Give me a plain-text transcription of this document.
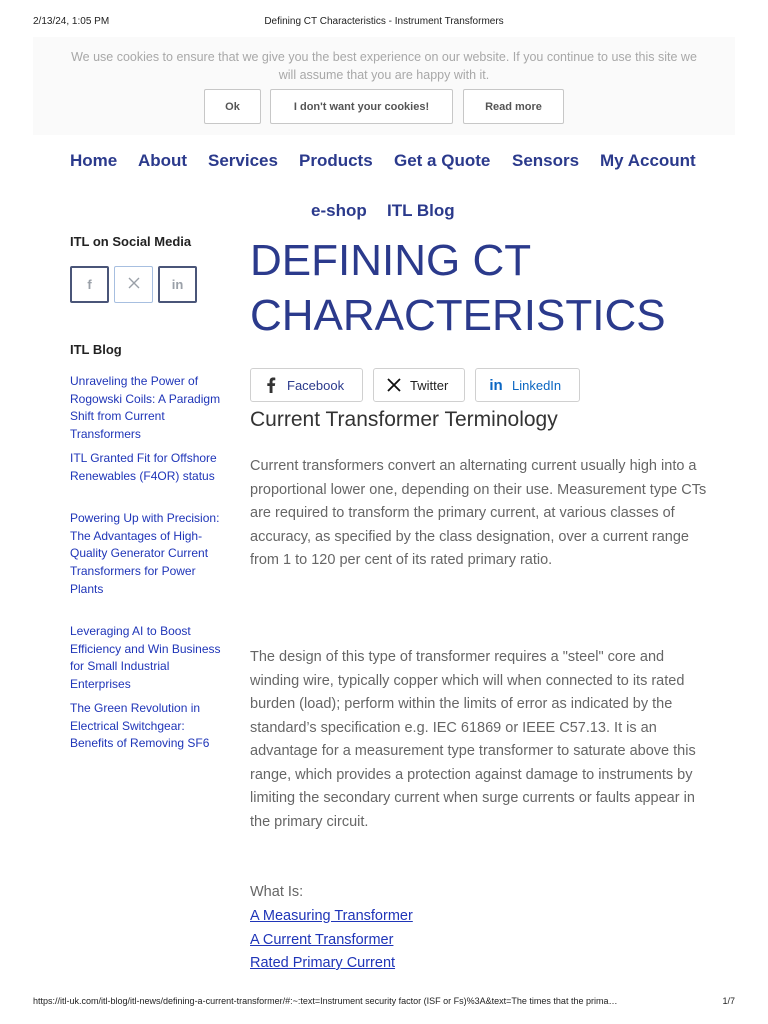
2/13/24, 1:05 PM	Defining CT Characteristics - Instrument Transformers
We use cookies to ensure that we give you the best experience on our website. If you continue to use this site we will assume that you are happy with it.
Ok	I don't want your cookies!	Read more
Home About Services Products Get a Quote Sensors My Account
e-shop ITL Blog
ITL on Social Media
f	in
ITL Blog
Unraveling the Power of Rogowski Coils: A Paradigm Shift from Current Transformers
ITL Granted Fit for Offshore Renewables (F4OR) status
Powering Up with Precision: The Advantages of High-Quality Generator Current Transformers for Power Plants
Leveraging AI to Boost Efficiency and Win Business for Small Industrial Enterprises
The Green Revolution in Electrical Switchgear: Benefits of Removing SF6
DEFINING CT
CHARACTERISTICS
Facebook	Twitter	in LinkedIn
Current Transformer Terminology
Current transformers convert an alternating current usually high into a proportional lower one, depending on their use. Measurement type CTs are required to transform the primary current, at various classes of accuracy, as specified by the class designation, over a current range from 1 to 120 per cent of its rated primary ratio.
The design of this type of transformer requires a "steel" core and winding wire, typically copper which will when connected to its rated burden (load); perform within the limits of error as indicated by the standard’s specification e.g. IEC 61869 or IEEE C57.13. It is an advantage for a measurement type transformer to saturate above this range, which provides a protection against damage to instruments by limiting the secondary current when surge currents or faults appear in the primary circuit.
What Is:
A Measuring Transformer
A Current Transformer
Rated Primary Current
https://itl-uk.com/itl-blog/itl-news/defining-a-current-transformer/#:~:text=Instrument security factor (ISF or Fs)%3A&text=The times that the prima…	1/7
